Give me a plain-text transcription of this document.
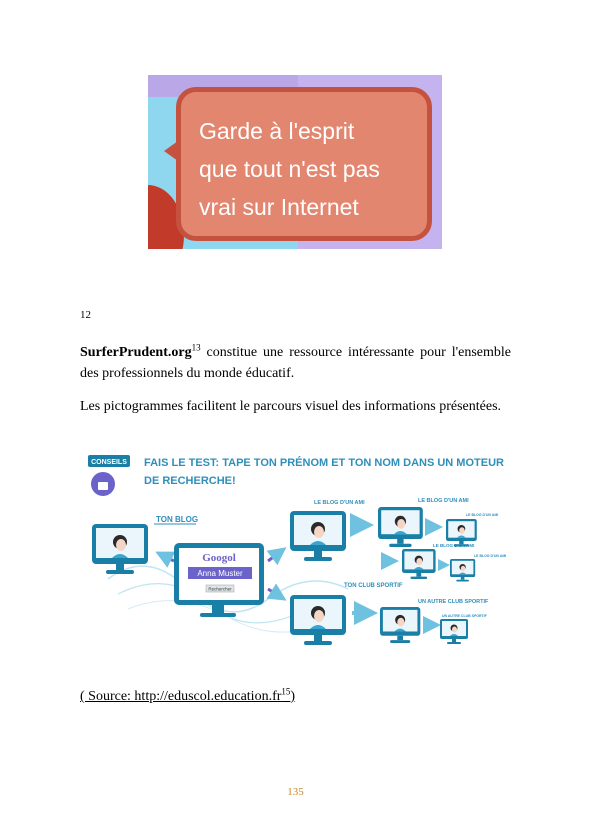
Garde à l'esprit
que tout n'est pas
vrai sur Internet
12
SurferPrudent.org$^{13}$ constitue une ressource intéressante pour l'ensemble des professionnels du monde éducatif.
Les pictogrammes facilitent le parcours visuel des informations présentées.
CONSEILS FAIS LE TEST: TAPE TON PRÉNOM ET TON NOM DANS UN MOTEUR
DE RECHERCHE!
TON BLOG
Googol
Anna Muster
Rechercher
LE BLOG D'UN AMI	LE BLOG D'UN AMI
LE BLOG D'UN AMI
LE BLOG D'UN AMI
LE BLOG D'UN AMI
TON CLUB SPORTIF
UN AUTRE CLUB SPORTIF
UN AUTRE CLUB SPORTIF
( Source: $http://eduscol.education.fr^{15}$)
135
